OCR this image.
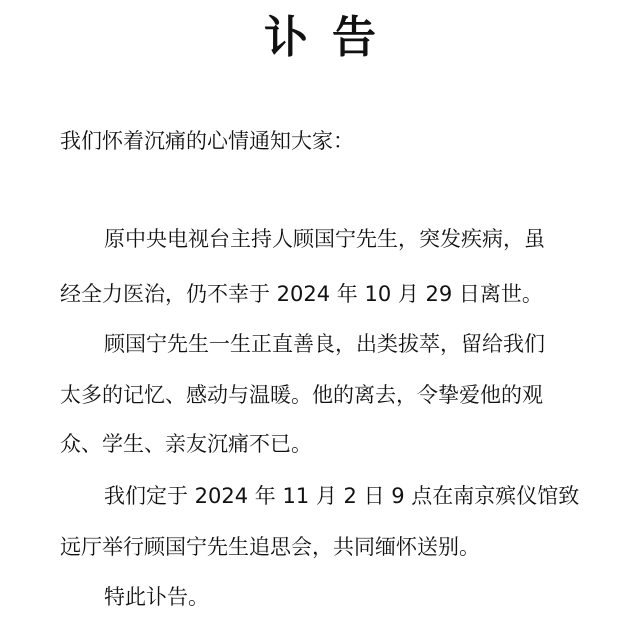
讣告
我们怀着沉痛的心情通知大家：
原中央电视台主持人顾国宁先生，突发疾病，虽
经全力医治，仍不幸于 2024 年 10 月 29 日离世。
顾国宁先生一生正直善良，出类拔萃，留给我们
太多的记忆、感动与温暖。他的离去，令挚爱他的观
众、学生、亲友沉痛不已。
我们定于 2024 年 11 月 2 日 9 点在南京殡仪馆致
远厅举行顾国宁先生追思会，共同缅怀送别。
特此讣告。
